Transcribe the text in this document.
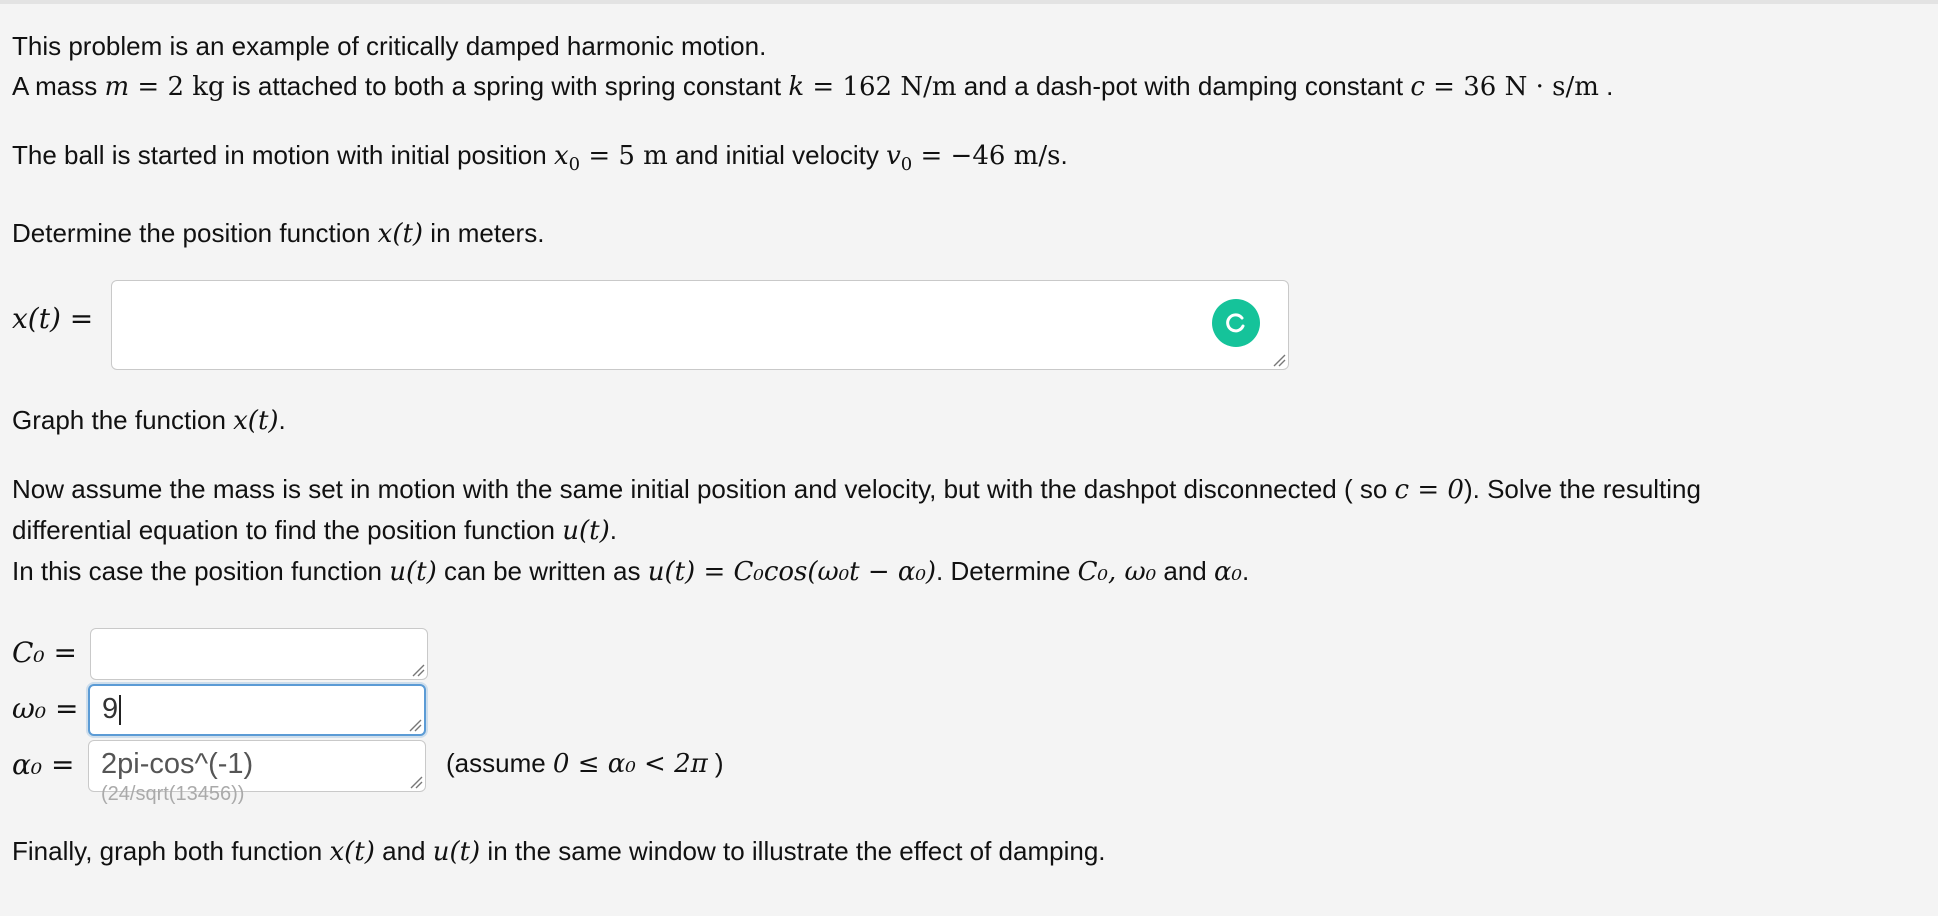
This problem is an example of critically damped harmonic motion.

A mass m = 2 kg is attached to both a spring with spring constant k = 162 N/m and a dash-pot with damping constant c = 36 N · s/m .

The ball is started in motion with initial position $x_0 = 5$ m and initial velocity $v_0 = -46$ m/s.

Determine the position function x(t) in meters.

x(t) =

Graph the function x(t).

Now assume the mass is set in motion with the same initial position and velocity, but with the dashpot disconnected ( so c = 0). Solve the resulting

differential equation to find the position function u(t).

In this case the position function u(t) can be written as u(t) = C₀cos(ω₀t − α₀). Determine C₀, ω₀ and α₀.

C₀ =
ω₀ = 9
α₀ = 2pi-cos^(-1)
(24/sqrt(13456))
(assume 0 ≤ α₀ < 2π )

Finally, graph both function x(t) and u(t) in the same window to illustrate the effect of damping.
